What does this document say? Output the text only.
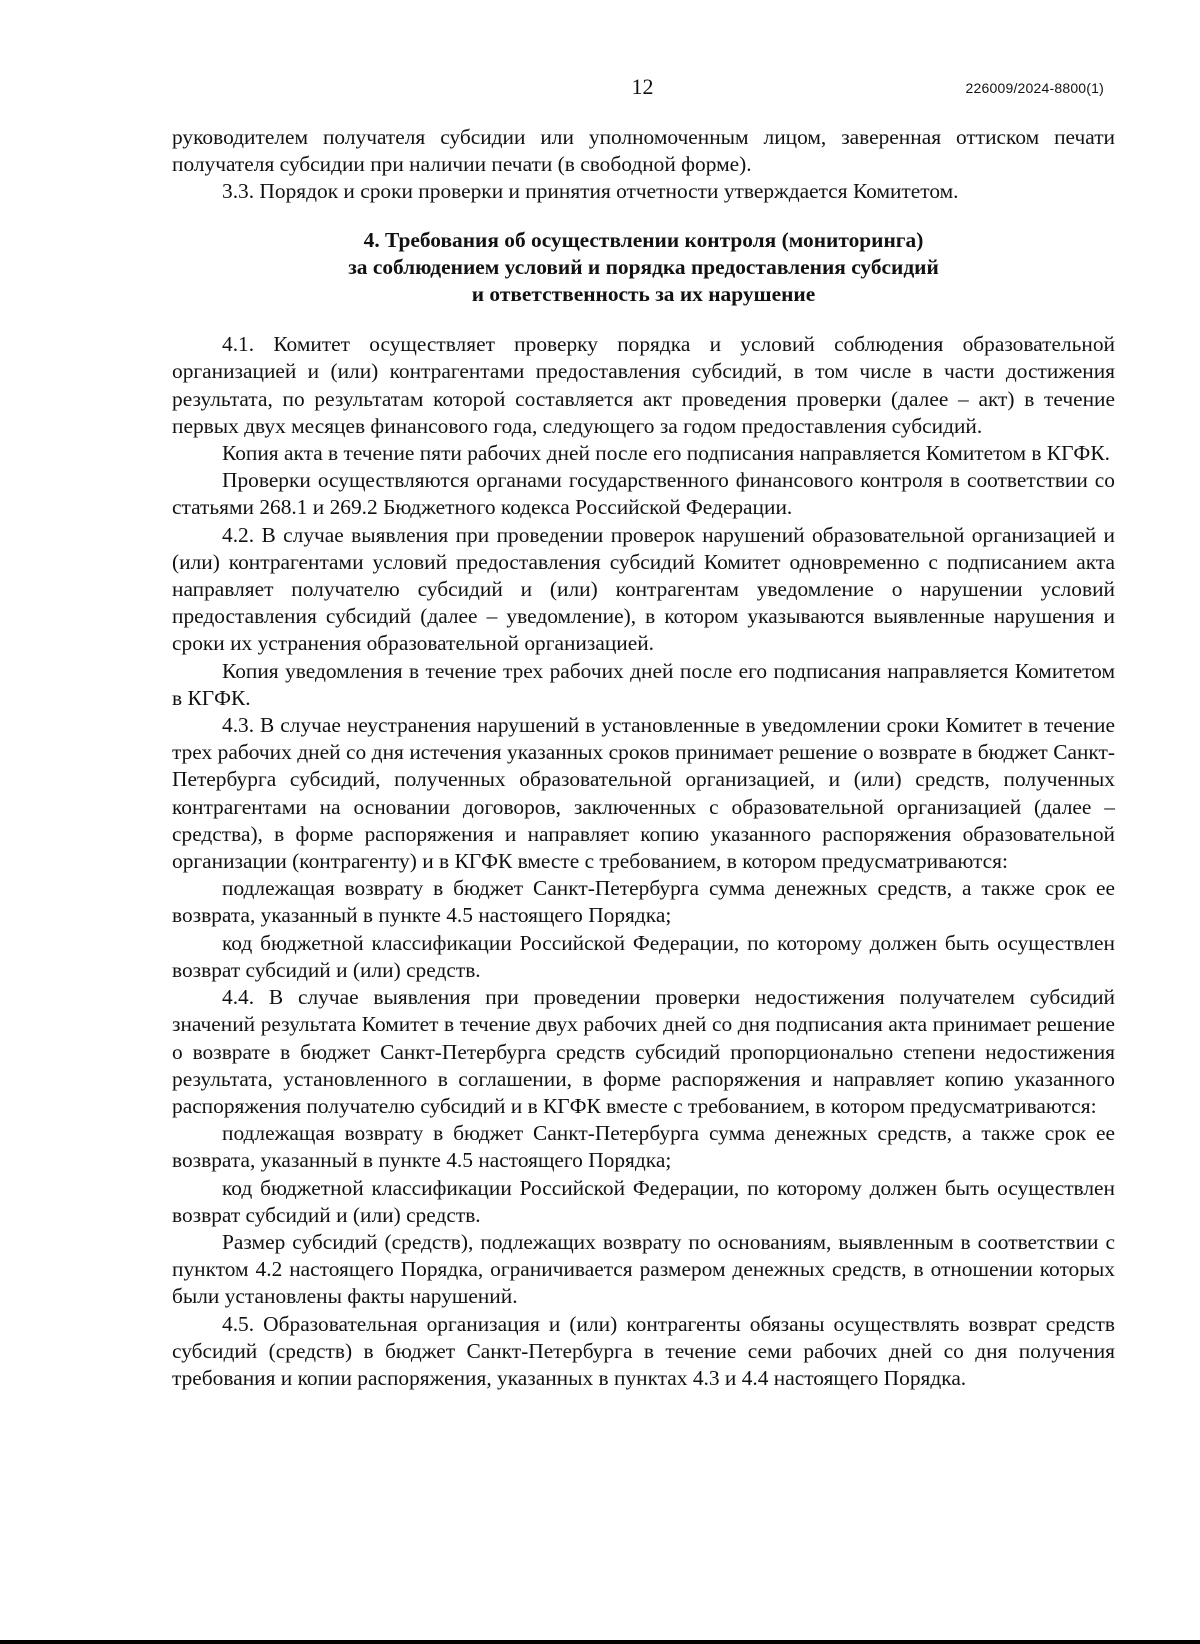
12	226009/2024-8800(1)

руководителем получателя субсидии или уполномоченным лицом, заверенная оттиском печати получателя субсидии при наличии печати (в свободной форме).

3.3. Порядок и сроки проверки и принятия отчетности утверждается Комитетом.

4. Требования об осуществлении контроля (мониторинга)
за соблюдением условий и порядка предоставления субсидий
и ответственность за их нарушение

4.1. Комитет осуществляет проверку порядка и условий соблюдения образовательной организацией и (или) контрагентами предоставления субсидий, в том числе в части достижения результата, по результатам которой составляется акт проведения проверки (далее – акт) в течение первых двух месяцев финансового года, следующего за годом предоставления субсидий.

Копия акта в течение пяти рабочих дней после его подписания направляется Комитетом в КГФК.

Проверки осуществляются органами государственного финансового контроля в соответствии со статьями 268.1 и 269.2 Бюджетного кодекса Российской Федерации.

4.2. В случае выявления при проведении проверок нарушений образовательной организацией и (или) контрагентами условий предоставления субсидий Комитет одновременно с подписанием акта направляет получателю субсидий и (или) контрагентам уведомление о нарушении условий предоставления субсидий (далее – уведомление), в котором указываются выявленные нарушения и сроки их устранения образовательной организацией.

Копия уведомления в течение трех рабочих дней после его подписания направляется Комитетом в КГФК.

4.3. В случае неустранения нарушений в установленные в уведомлении сроки Комитет в течение трех рабочих дней со дня истечения указанных сроков принимает решение о возврате в бюджет Санкт-Петербурга субсидий, полученных образовательной организацией, и (или) средств, полученных контрагентами на основании договоров, заключенных с образовательной организацией (далее – средства), в форме распоряжения и направляет копию указанного распоряжения образовательной организации (контрагенту) и в КГФК вместе с требованием, в котором предусматриваются:

подлежащая возврату в бюджет Санкт-Петербурга сумма денежных средств, а также срок ее возврата, указанный в пункте 4.5 настоящего Порядка;

код бюджетной классификации Российской Федерации, по которому должен быть осуществлен возврат субсидий и (или) средств.

4.4. В случае выявления при проведении проверки недостижения получателем субсидий значений результата Комитет в течение двух рабочих дней со дня подписания акта принимает решение о возврате в бюджет Санкт-Петербурга средств субсидий пропорционально степени недостижения результата, установленного в соглашении, в форме распоряжения и направляет копию указанного распоряжения получателю субсидий и в КГФК вместе с требованием, в котором предусматриваются:

подлежащая возврату в бюджет Санкт-Петербурга сумма денежных средств, а также срок ее возврата, указанный в пункте 4.5 настоящего Порядка;

код бюджетной классификации Российской Федерации, по которому должен быть осуществлен возврат субсидий и (или) средств.

Размер субсидий (средств), подлежащих возврату по основаниям, выявленным в соответствии с пунктом 4.2 настоящего Порядка, ограничивается размером денежных средств, в отношении которых были установлены факты нарушений.

4.5. Образовательная организация и (или) контрагенты обязаны осуществлять возврат средств субсидий (средств) в бюджет Санкт-Петербурга в течение семи рабочих дней со дня получения требования и копии распоряжения, указанных в пунктах 4.3 и 4.4 настоящего Порядка.
